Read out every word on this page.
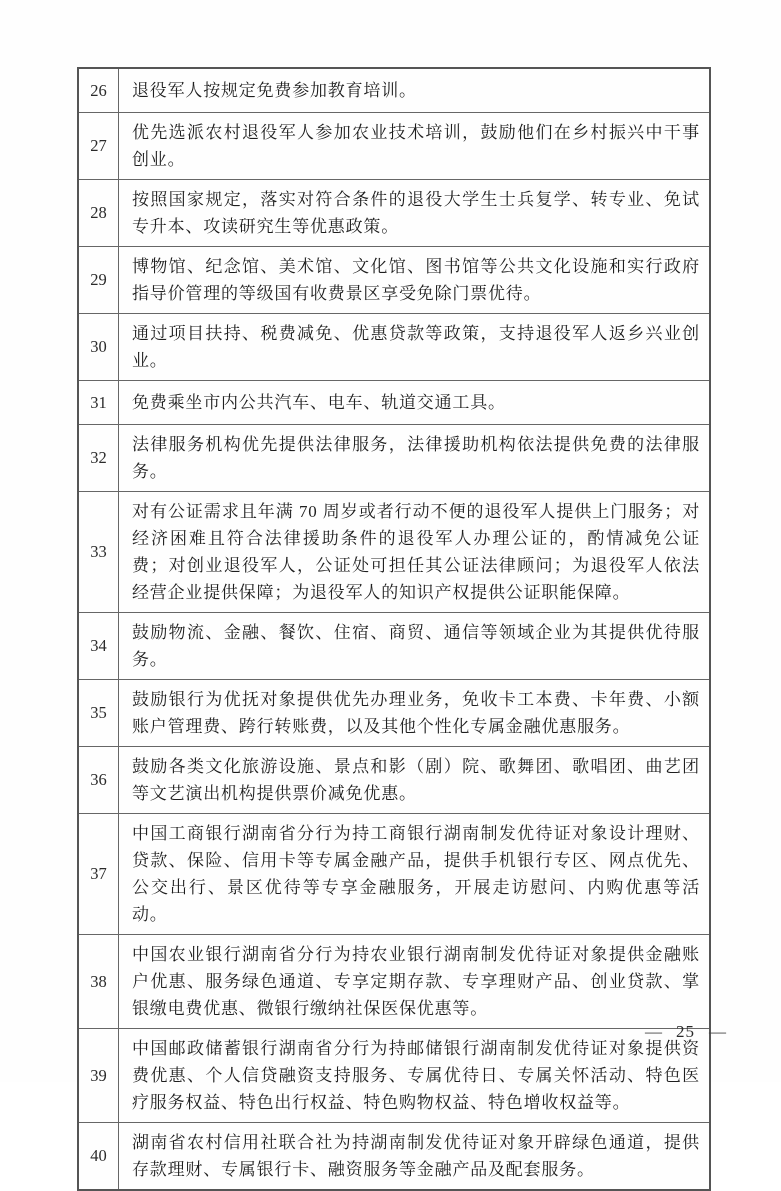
26	退役军人按规定免费参加教育培训。
27
优先选派农村退役军人参加农业技术培训，鼓励他们在乡村振兴中干事创业。
28
按照国家规定，落实对符合条件的退役大学生士兵复学、转专业、免试专升本、攻读研究生等优惠政策。
29
博物馆、纪念馆、美术馆、文化馆、图书馆等公共文化设施和实行政府指导价管理的等级国有收费景区享受免除门票优待。
30
通过项目扶持、税费减免、优惠贷款等政策，支持退役军人返乡兴业创业。
31	免费乘坐市内公共汽车、电车、轨道交通工具。
32
法律服务机构优先提供法律服务，法律援助机构依法提供免费的法律服务。
33
对有公证需求且年满 70 周岁或者行动不便的退役军人提供上门服务；对经济困难且符合法律援助条件的退役军人办理公证的，酌情减免公证费；对创业退役军人，公证处可担任其公证法律顾问；为退役军人依法经营企业提供保障；为退役军人的知识产权提供公证职能保障。
34
鼓励物流、金融、餐饮、住宿、商贸、通信等领域企业为其提供优待服务。
35
鼓励银行为优抚对象提供优先办理业务，免收卡工本费、卡年费、小额账户管理费、跨行转账费，以及其他个性化专属金融优惠服务。
36
鼓励各类文化旅游设施、景点和影（剧）院、歌舞团、歌唱团、曲艺团等文艺演出机构提供票价减免优惠。
37
中国工商银行湖南省分行为持工商银行湖南制发优待证对象设计理财、贷款、保险、信用卡等专属金融产品，提供手机银行专区、网点优先、公交出行、景区优待等专享金融服务，开展走访慰问、内购优惠等活动。
38
中国农业银行湖南省分行为持农业银行湖南制发优待证对象提供金融账户优惠、服务绿色通道、专享定期存款、专享理财产品、创业贷款、掌银缴电费优惠、微银行缴纳社保医保优惠等。
39
中国邮政储蓄银行湖南省分行为持邮储银行湖南制发优待证对象提供资费优惠、个人信贷融资支持服务、专属优待日、专属关怀活动、特色医疗服务权益、特色出行权益、特色购物权益、特色增收权益等。
40
湖南省农村信用社联合社为持湖南制发优待证对象开辟绿色通道，提供存款理财、专属银行卡、融资服务等金融产品及配套服务。
— 25 —
